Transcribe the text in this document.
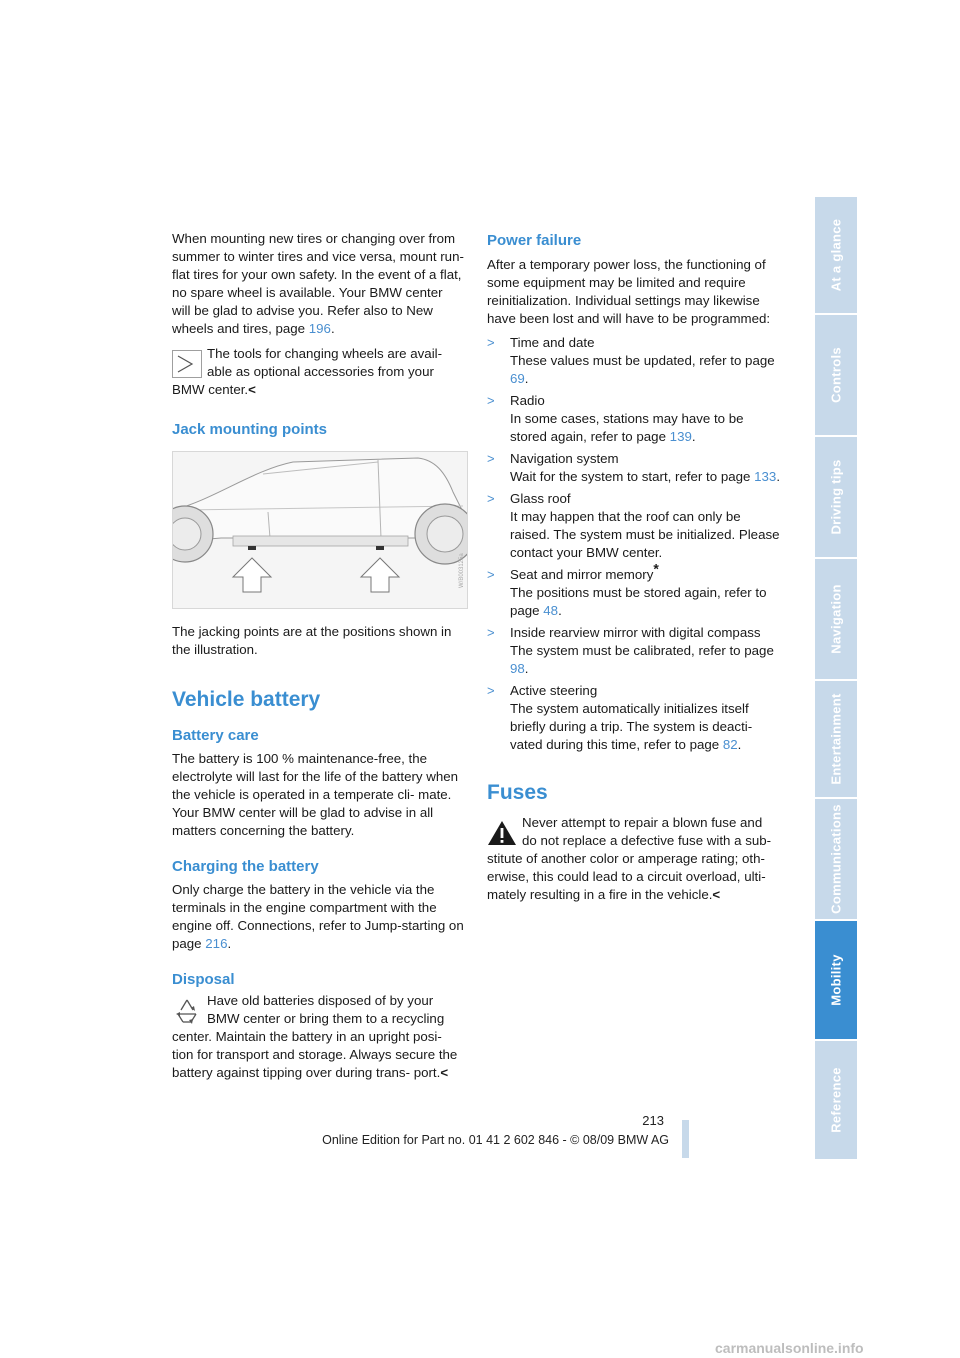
When mounting new tires or changing over from summer to winter tires and vice versa, mount run-flat tires for your own safety. In the event of a flat, no spare wheel is available. Your BMW center will be glad to advise you. Refer also to New wheels and tires, page 196.

The tools for changing wheels are avail-

able as optional accessories from your

BMW center.<

Jack mounting points
W/B003125a

The jacking points are at the positions shown in the illustration.

Vehicle battery
Battery care

The battery is 100 % maintenance-free, the electrolyte will last for the life of the battery when the vehicle is operated in a temperate cli- mate. Your BMW center will be glad to advise in all matters concerning the battery.

Charging the battery

Only charge the battery in the vehicle via the terminals in the engine compartment with the engine off. Connections, refer to Jump-starting on page 216.

Disposal

Have old batteries disposed of by your

BMW center or bring them to a recycling

center. Maintain the battery in an upright posi- tion for transport and storage. Always secure the battery against tipping over during trans- port.<

Power failure

After a temporary power loss, the functioning of some equipment may be limited and require reinitialization. Individual settings may likewise have been lost and will have to be programmed:

> Time and date

These values must be updated, refer to page 69.

> Radio

In some cases, stations may have to be stored again, refer to page 139.

> Navigation system

Wait for the system to start, refer to page 133.

> Glass roof

It may happen that the roof can only be raised. The system must be initialized. Please contact your BMW center.

> Seat and mirror memory*

The positions must be stored again, refer to page 48.

> Inside rearview mirror with digital compass

The system must be calibrated, refer to page 98.

> Active steering

The system automatically initializes itself briefly during a trip. The system is deacti- vated during this time, refer to page 82.

Fuses

Never attempt to repair a blown fuse and

do not replace a defective fuse with a sub-

stitute of another color or amperage rating; oth- erwise, this could lead to a circuit overload, ulti- mately resulting in a fire in the vehicle.<

At a glance
Controls
Driving tips
Navigation
Entertainment
Communications
Mobility
Reference
213
Online Edition for Part no. 01 41 2 602 846 - © 08/09 BMW AG
carmanualsonline.info
